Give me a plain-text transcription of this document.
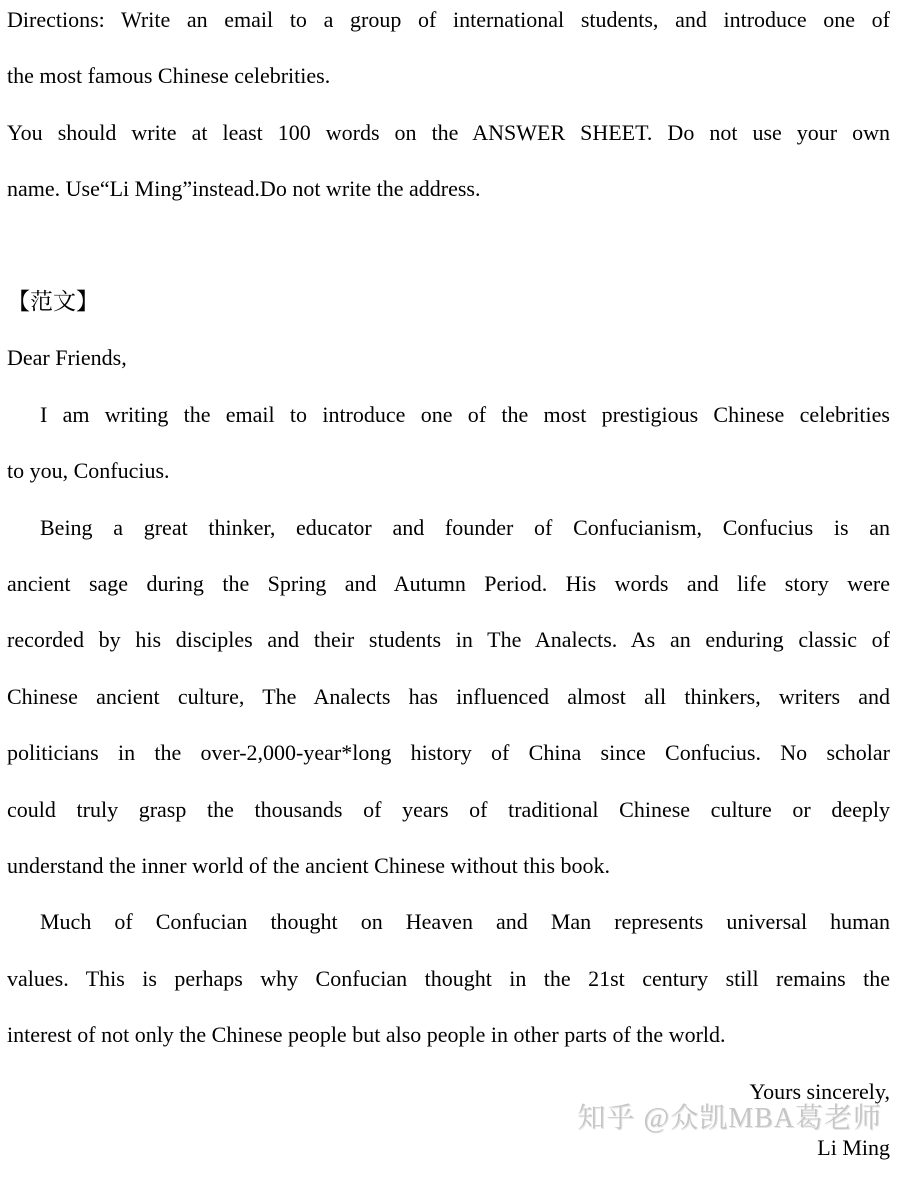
Directions: Write an email to a group of international students, and introduce one of
the most famous Chinese celebrities.
You should write at least 100 words on the ANSWER SHEET. Do not use your own
name. Use“Li Ming”instead.Do not write the address.
【范文】
Dear Friends,
I am writing the email to introduce one of the most prestigious Chinese celebrities
to you, Confucius.
Being a great thinker, educator and founder of Confucianism, Confucius is an
ancient sage during the Spring and Autumn Period. His words and life story were
recorded by his disciples and their students in The Analects. As an enduring classic of
Chinese ancient culture, The Analects has influenced almost all thinkers, writers and
politicians in the over-2,000-year*long history of China since Confucius. No scholar
could truly grasp the thousands of years of traditional Chinese culture or deeply
understand the inner world of the ancient Chinese without this book.
Much of Confucian thought on Heaven and Man represents universal human
values. This is perhaps why Confucian thought in the 21st century still remains the
interest of not only the Chinese people but also people in other parts of the world.
Yours sincerely,
Li Ming
知乎 @众凯MBA葛老师
